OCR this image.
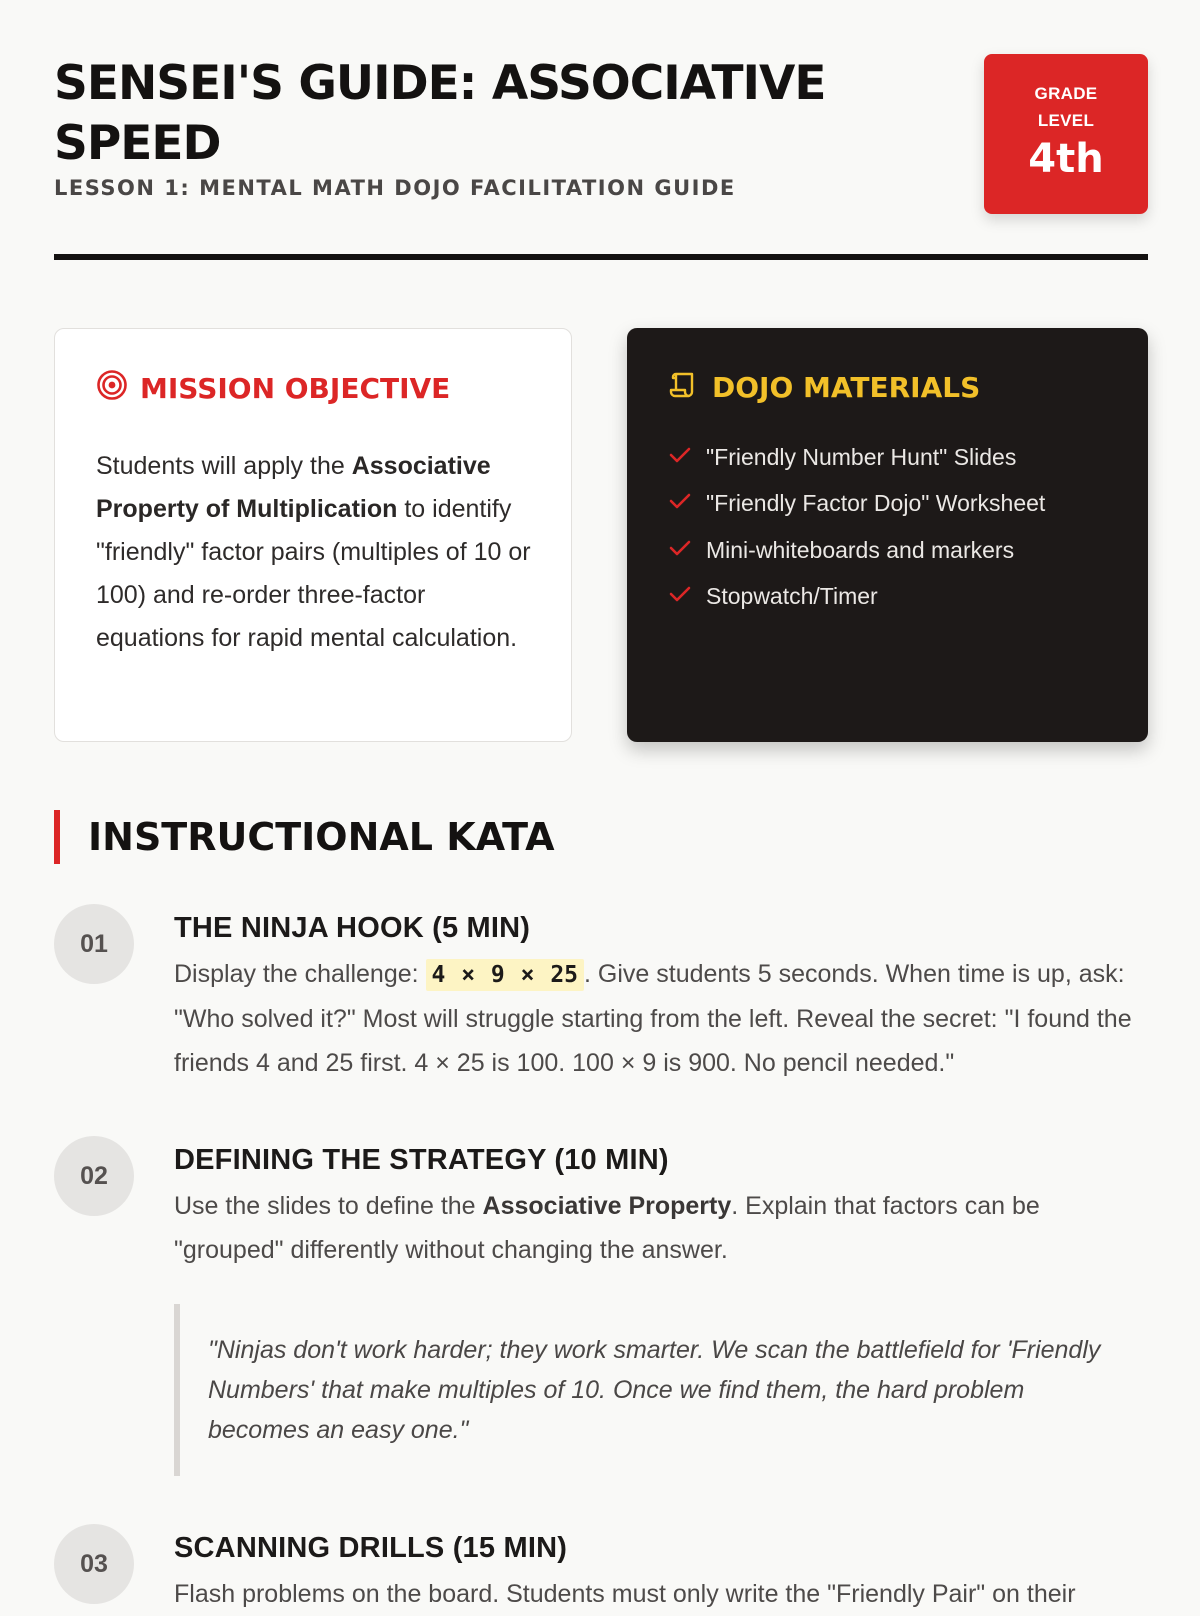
SENSEI'S GUIDE: ASSOCIATIVE SPEED
LESSON 1: MENTAL MATH DOJO FACILITATION GUIDE
GRADE
LEVEL
4th
MISSION OBJECTIVE

Students will apply the Associative Property of Multiplication to identify "friendly" factor pairs (multiples of 10 or 100) and re-order three-factor equations for rapid mental calculation.

DOJO MATERIALS
"Friendly Number Hunt" Slides
"Friendly Factor Dojo" Worksheet
Mini-whiteboards and markers
Stopwatch/Timer
INSTRUCTIONAL KATA
01	THE NINJA HOOK (5 MIN)

Display the challenge: 4 × 9 × 25 . Give students 5 seconds. When time is up, ask: "Who solved it?" Most will struggle starting from the left. Reveal the secret: "I found the friends 4 and 25 first. 4 × 25 is 100. 100 × 9 is 900. No pencil needed."

02	DEFINING THE STRATEGY (10 MIN)

Use the slides to define the Associative Property. Explain that factors can be "grouped" differently without changing the answer.

"Ninjas don't work harder; they work smarter. We scan the battlefield for 'Friendly Numbers' that make multiples of 10. Once we find them, the hard problem becomes an easy one."
03	SCANNING DRILLS (15 MIN)

Flash problems on the board. Students must only write the "Friendly Pair" on their
